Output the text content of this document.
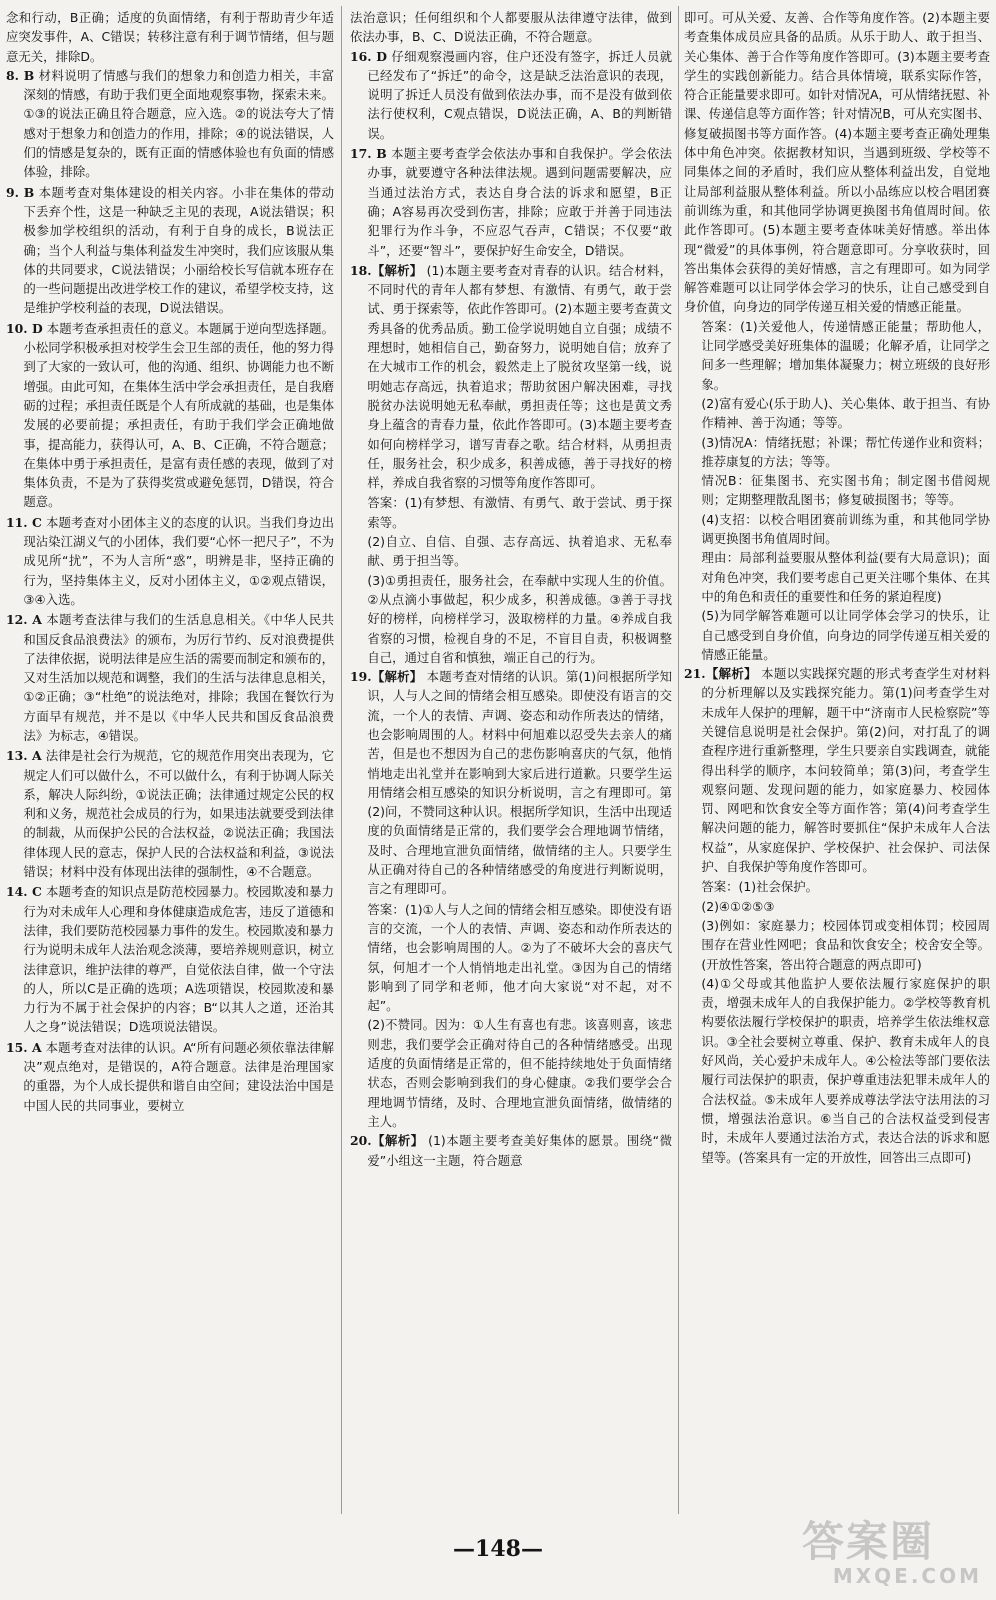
念和行动，B正确；适度的负面情绪，有利于帮助青少年适应突发事件，A、C错误；转移注意有利于调节情绪，但与题意无关，排除D。

8. B 材料说明了情感与我们的想象力和创造力相关，丰富深刻的情感，有助于我们更全面地观察事物，探索未来。①③的说法正确且符合题意，应入选。②的说法夸大了情感对于想象力和创造力的作用，排除；④的说法错误，人们的情感是复杂的，既有正面的情感体验也有负面的情感体验，排除。

9. B 本题考查对集体建设的相关内容。小非在集体的带动下丢弃个性，这是一种缺乏主见的表现，A说法错误；积极参加学校组织的活动，有利于自身的成长，B说法正确；当个人利益与集体利益发生冲突时，我们应该服从集体的共同要求，C说法错误；小丽给校长写信就本班存在的一些问题提出改进学校工作的建议，希望学校支持，这是维护学校利益的表现，D说法错误。

10. D 本题考查承担责任的意义。本题属于逆向型选择题。小松同学积极承担对校学生会卫生部的责任，他的努力得到了大家的一致认可，他的沟通、组织、协调能力也不断增强。由此可知，在集体生活中学会承担责任，是自我磨砺的过程；承担责任既是个人有所成就的基础，也是集体发展的必要前提；承担责任，有助于我们学会正确地做事，提高能力，获得认可，A、B、C正确，不符合题意；在集体中勇于承担责任，是富有责任感的表现，做到了对集体负责，不是为了获得奖赏或避免惩罚，D错误，符合题意。

11. C 本题考查对小团体主义的态度的认识。当我们身边出现沾染江湖义气的小团体，我们要“心怀一把尺子”，不为成见所“扰”，不为人言所“惑”，明辨是非，坚持正确的行为，坚持集体主义，反对小团体主义，①②观点错误，③④入选。

12. A 本题考查法律与我们的生活息息相关。《中华人民共和国反食品浪费法》的颁布，为厉行节约、反对浪费提供了法律依据，说明法律是应生活的需要而制定和颁布的，又对生活加以规范和调整，我们的生活与法律息息相关，①②正确；③“杜绝”的说法绝对，排除；我国在餐饮行为方面早有规范，并不是以《中华人民共和国反食品浪费法》为标志，④错误。

13. A 法律是社会行为规范，它的规范作用突出表现为，它规定人们可以做什么，不可以做什么，有利于协调人际关系，解决人际纠纷，①说法正确；法律通过规定公民的权利和义务，规范社会成员的行为，如果违法就要受到法律的制裁，从而保护公民的合法权益，②说法正确；我国法律体现人民的意志，保护人民的合法权益和利益，③说法错误；材料中没有体现出法律的强制性，④不合题意。

14. C 本题考查的知识点是防范校园暴力。校园欺凌和暴力行为对未成年人心理和身体健康造成危害，违反了道德和法律，我们要防范校园暴力事件的发生。校园欺凌和暴力行为说明未成年人法治观念淡薄，要培养规则意识，树立法律意识，维护法律的尊严，自觉依法自律，做一个守法的人，所以C是正确的选项；A选项错误，校园欺凌和暴力行为不属于社会保护的内容；B“以其人之道，还治其人之身”说法错误；D选项说法错误。

15. A 本题考查对法律的认识。A“所有问题必须依靠法律解决”观点绝对，是错误的，A符合题意。法律是治理国家的重器，为个人成长提供和谐自由空间；建设法治中国是中国人民的共同事业，要树立

法治意识；任何组织和个人都要服从法律遵守法律，做到依法办事，B、C、D说法正确，不符合题意。

16. D 仔细观察漫画内容，住户还没有签字，拆迁人员就已经发布了“拆迁”的命令，这是缺乏法治意识的表现，说明了拆迁人员没有做到依法办事，而不是没有做到依法行使权利，C观点错误，D说法正确，A、B的判断错误。

17. B 本题主要考查学会依法办事和自我保护。学会依法办事，就要遵守各种法律法规。遇到问题需要解决，应当通过法治方式，表达自身合法的诉求和愿望，B正确；A容易再次受到伤害，排除；应敢于并善于同违法犯罪行为作斗争，不应忍气吞声，C错误；不仅要“敢斗”，还要“智斗”，要保护好生命安全，D错误。

18.【解析】 (1)本题主要考查对青春的认识。结合材料，不同时代的青年人都有梦想、有激情、有勇气，敢于尝试、勇于探索等，依此作答即可。(2)本题主要考查黄文秀具备的优秀品质。勤工俭学说明她自立自强；成绩不理想时，她相信自己，勤奋努力，说明她自信；放弃了在大城市工作的机会，毅然走上了脱贫攻坚第一线，说明她志存高远，执着追求；帮助贫困户解决困难，寻找脱贫办法说明她无私奉献，勇担责任等；这也是黄文秀身上蕴含的青春力量，依此作答即可。(3)本题主要考查如何向榜样学习，谱写青春之歌。结合材料，从勇担责任，服务社会，积少成多，积善成德，善于寻找好的榜样，养成自我省察的习惯等角度作答即可。

答案：(1)有梦想、有激情、有勇气、敢于尝试、勇于探索等。

(2)自立、自信、自强、志存高远、执着追求、无私奉献、勇于担当等。

(3)①勇担责任，服务社会，在奉献中实现人生的价值。②从点滴小事做起，积少成多，积善成德。③善于寻找好的榜样，向榜样学习，汲取榜样的力量。④养成自我省察的习惯，检视自身的不足，不盲目自责，积极调整自己，通过自省和慎独，端正自己的行为。

19.【解析】 本题考查对情绪的认识。第(1)问根据所学知识，人与人之间的情绪会相互感染。即使没有语言的交流，一个人的表情、声调、姿态和动作所表达的情绪，也会影响周围的人。材料中何旭难以忍受失去亲人的痛苦，但是也不想因为自己的悲伤影响喜庆的气氛，他悄悄地走出礼堂并在影响到大家后进行道歉。只要学生运用情绪会相互感染的知识分析说明，言之有理即可。第(2)问，不赞同这种认识。根据所学知识，生活中出现适度的负面情绪是正常的，我们要学会合理地调节情绪，及时、合理地宣泄负面情绪，做情绪的主人。只要学生从正确对待自己的各种情绪感受的角度进行判断说明，言之有理即可。

答案：(1)①人与人之间的情绪会相互感染。即使没有语言的交流，一个人的表情、声调、姿态和动作所表达的情绪，也会影响周围的人。②为了不破坏大会的喜庆气氛，何旭才一个人悄悄地走出礼堂。③因为自己的情绪影响到了同学和老师，他才向大家说“对不起，对不起”。

(2)不赞同。因为：①人生有喜也有悲。该喜则喜，该悲则悲，我们要学会正确对待自己的各种情绪感受。出现适度的负面情绪是正常的，但不能持续地处于负面情绪状态，否则会影响到我们的身心健康。②我们要学会合理地调节情绪，及时、合理地宣泄负面情绪，做情绪的主人。

20.【解析】 (1)本题主要考查美好集体的愿景。围绕“微爱”小组这一主题，符合题意

即可。可从关爱、友善、合作等角度作答。(2)本题主要考查集体成员应具备的品质。从乐于助人、敢于担当、关心集体、善于合作等角度作答即可。(3)本题主要考查学生的实践创新能力。结合具体情境，联系实际作答，符合正能量要求即可。如针对情况A，可从情绪抚慰、补课、传递信息等方面作答；针对情况B，可从充实图书、修复破损图书等方面作答。(4)本题主要考查正确处理集体中角色冲突。依据教材知识，当遇到班级、学校等不同集体之间的矛盾时，我们应从整体利益出发，自觉地让局部利益服从整体利益。所以小品练应以校合唱团赛前训练为重，和其他同学协调更换图书角值周时间。依此作答即可。(5)本题主要考查体味美好情感。举出体现“微爱”的具体事例，符合题意即可。分享收获时，回答出集体会获得的美好情感，言之有理即可。如为同学解答难题可以让同学体会学习的快乐，让自己感受到自身价值，向身边的同学传递互相关爱的情感正能量。

答案：(1)关爱他人，传递情感正能量；帮助他人，让同学感受美好班集体的温暖；化解矛盾，让同学之间多一些理解；增加集体凝聚力；树立班级的良好形象。

(2)富有爱心(乐于助人)、关心集体、敢于担当、有协作精神、善于沟通；等等。

(3)情况A：情绪抚慰；补课；帮忙传递作业和资料；推荐康复的方法；等等。

情况B：征集图书、充实图书角；制定图书借阅规则；定期整理散乱图书；修复破损图书；等等。

(4)支招：以校合唱团赛前训练为重，和其他同学协调更换图书角值周时间。

理由：局部利益要服从整体利益(要有大局意识)；面对角色冲突，我们要考虑自己更关注哪个集体、在其中的角色和责任的重要性和任务的紧迫程度)

(5)为同学解答难题可以让同学体会学习的快乐，让自己感受到自身价值，向身边的同学传递互相关爱的情感正能量。

21.【解析】 本题以实践探究题的形式考查学生对材料的分析理解以及实践探究能力。第(1)问考查学生对未成年人保护的理解，题干中“济南市人民检察院”等关键信息说明是社会保护。第(2)问，对打乱了的调查程序进行重新整理，学生只要亲自实践调查，就能得出科学的顺序，本问较简单；第(3)问，考查学生观察问题、发现问题的能力，如家庭暴力、校园体罚、网吧和饮食安全等方面作答；第(4)问考查学生解决问题的能力，解答时要抓住“保护未成年人合法权益”，从家庭保护、学校保护、社会保护、司法保护、自我保护等角度作答即可。

答案：(1)社会保护。

(2)④①②⑤③

(3)例如：家庭暴力；校园体罚或变相体罚；校园周围存在营业性网吧；食品和饮食安全；校舍安全等。(开放性答案，答出符合题意的两点即可)

(4)①父母或其他监护人要依法履行家庭保护的职责，增强未成年人的自我保护能力。②学校等教育机构要依法履行学校保护的职责，培养学生依法维权意识。③全社会要树立尊重、保护、教育未成年人的良好风尚，关心爱护未成年人。④公检法等部门要依法履行司法保护的职责，保护尊重违法犯罪未成年人的合法权益。⑤未成年人要养成尊法学法守法用法的习惯，增强法治意识。⑥当自己的合法权益受到侵害时，未成年人要通过法治方式，表达合法的诉求和愿望等。(答案具有一定的开放性，回答出三点即可)

—148—	答案圈
MXQE.COM
